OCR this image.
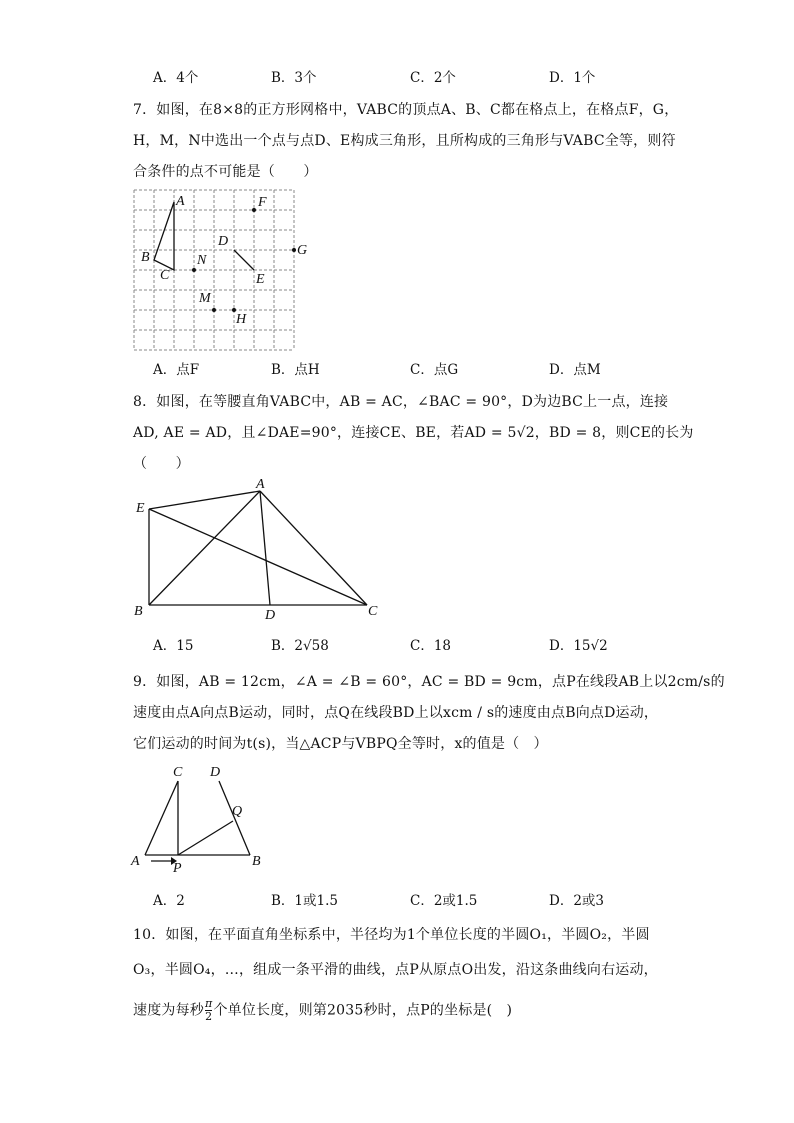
A．4个	B．3个	C．2个	D．1个
7．如图，在8×8的正方形网格中，VABC的顶点A、B、C都在格点上，在格点F，G，
H，M，N中选出一个点与点D、E构成三角形，且所构成的三角形与VABC全等，则符
合条件的点不可能是（　　）
A
B
C
D
E
F
G
H
M
N
A．点F	B．点H	C．点G	D．点M
8．如图，在等腰直角VABC中，AB = AC，∠BAC = 90°，D为边BC上一点，连接
AD, AE = AD，且∠DAE=90°，连接CE、BE，若AD = 5√2，BD = 8，则CE的长为
（　　）
A
E
B	D	C
A．15	B．2√58	C．18	D．15√2
9．如图，AB = 12cm，∠A = ∠B = 60°，AC = BD = 9cm，点P在线段AB上以2cm/s的
速度由点A向点B运动，同时，点Q在线段BD上以xcm / s的速度由点B向点D运动，
它们运动的时间为t(s)，当△ACP与VBPQ全等时，x的值是（　）
C D
Q
A P	B
A．2	B．1或1.5	C．2或1.5	D．2或3
10．如图，在平面直角坐标系中，半径均为1个单位长度的半圆O₁，半圆O₂，半圆
O₃，半圆O₄，…，组成一条平滑的曲线，点P从原点O出发，沿这条曲线向右运动，
速度为每秒 $\frac{\pi}{2}$ 个单位长度，则第2035秒时，点P的坐标是(　)
